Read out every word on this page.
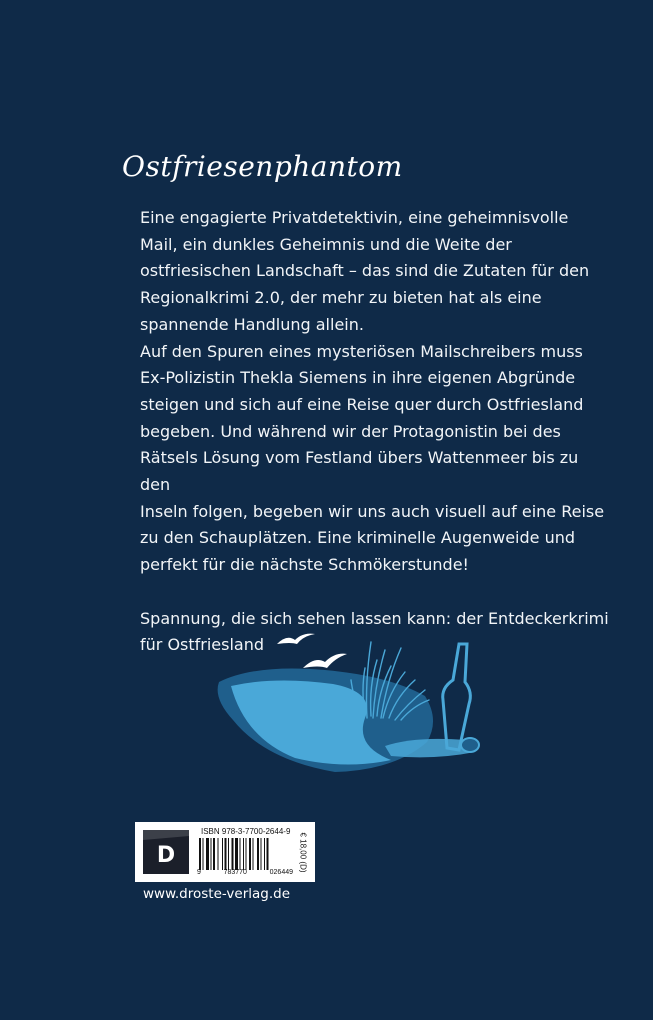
Ostfriesenphantom

Eine engagierte Privatdetektivin, eine geheimnisvolle

Mail, ein dunkles Geheimnis und die Weite der

ostfriesischen Landschaft – das sind die Zutaten für den

Regionalkrimi 2.0, der mehr zu bieten hat als eine

spannende Handlung allein.

Auf den Spuren eines mysteriösen Mailschreibers muss

Ex-Polizistin Thekla Siemens in ihre eigenen Abgründe

steigen und sich auf eine Reise quer durch Ostfriesland

begeben. Und während wir der Protagonistin bei des

Rätsels Lösung vom Festland übers Wattenmeer bis zu den

Inseln folgen, begeben wir uns auch visuell auf eine Reise

zu den Schauplätzen. Eine kriminelle Augenweide und

perfekt für die nächste Schmökerstunde!

Spannung, die sich sehen lassen kann: der Entdeckerkrimi

für Ostfriesland

D
ISBN 978-3-7700-2644-9
9	783770	026449
€ 18,00 (D)
www.droste-verlag.de
